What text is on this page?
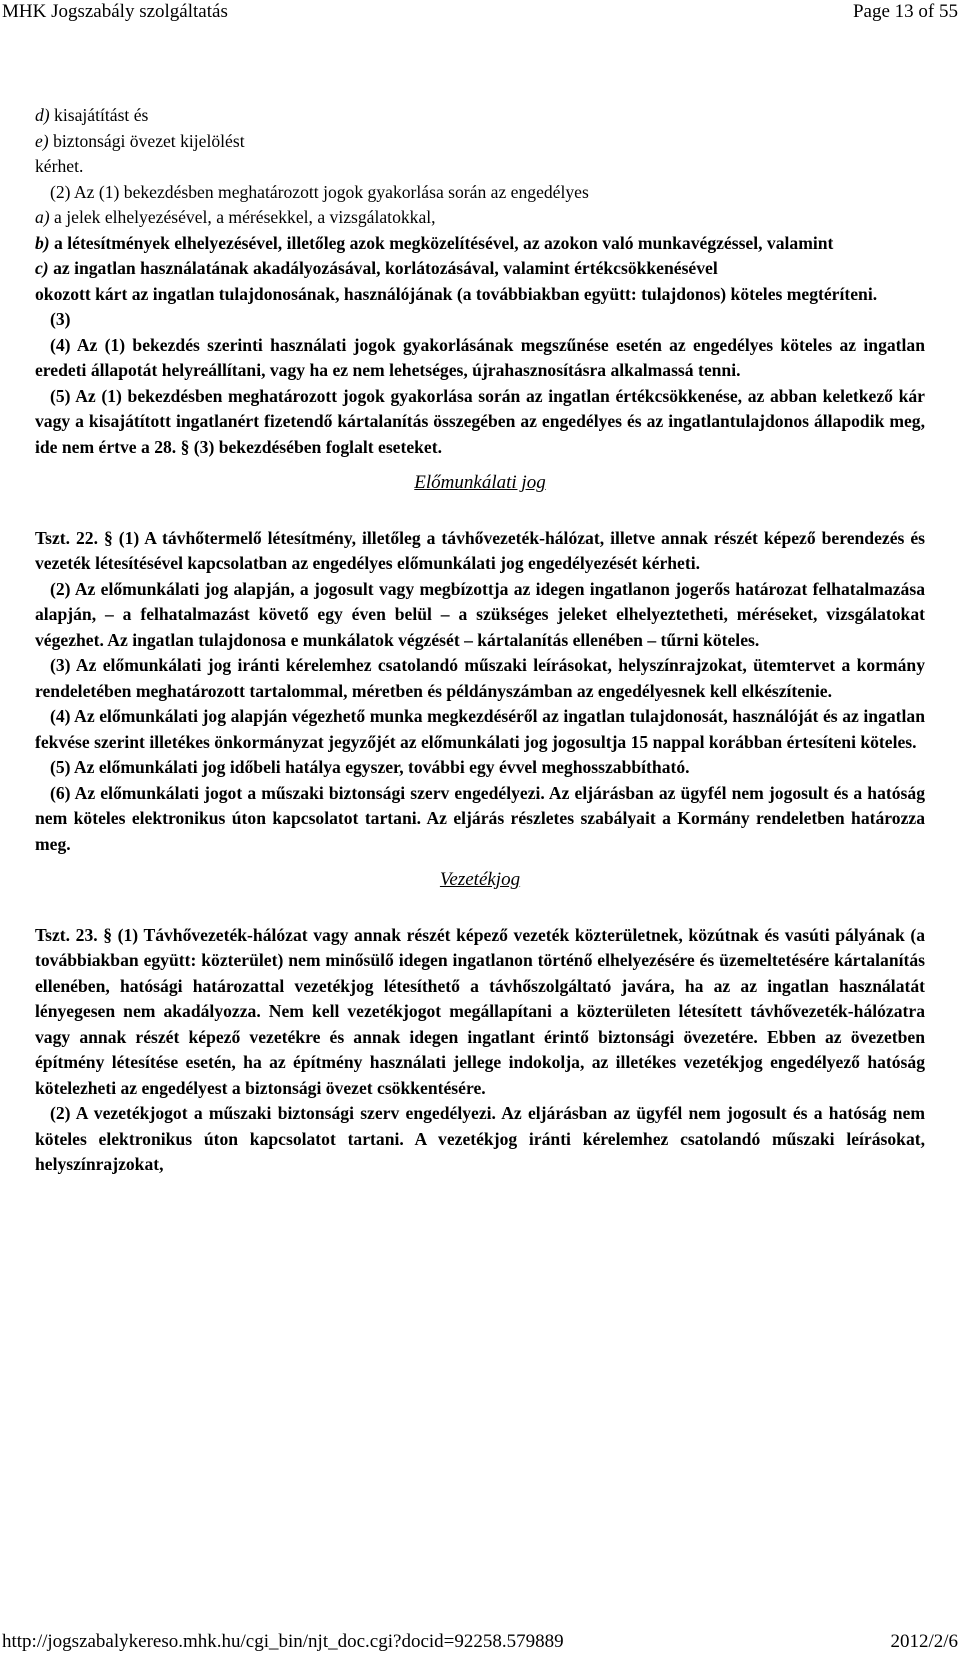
MHK Jogszabály szolgáltatás	Page 13 of 55

d) kisajátítást és

e) biztonsági övezet kijelölést

kérhet.

(2) Az (1) bekezdésben meghatározott jogok gyakorlása során az engedélyes

a) a jelek elhelyezésével, a mérésekkel, a vizsgálatokkal,

b) a létesítmények elhelyezésével, illetőleg azok megközelítésével, az azokon való munkavégzéssel, valamint

c) az ingatlan használatának akadályozásával, korlátozásával, valamint értékcsökkenésével

okozott kárt az ingatlan tulajdonosának, használójának (a továbbiakban együtt: tulajdonos) köteles megtéríteni.

(3)

(4) Az (1) bekezdés szerinti használati jogok gyakorlásának megszűnése esetén az engedélyes köteles az ingatlan eredeti állapotát helyreállítani, vagy ha ez nem lehetséges, újrahasznosításra alkalmassá tenni.

(5) Az (1) bekezdésben meghatározott jogok gyakorlása során az ingatlan értékcsökkenése, az abban keletkező kár vagy a kisajátított ingatlanért fizetendő kártalanítás összegében az engedélyes és az ingatlantulajdonos állapodik meg, ide nem értve a 28. § (3) bekezdésében foglalt eseteket.

Előmunkálati jog

Tszt. 22. § (1) A távhőtermelő létesítmény, illetőleg a távhővezeték-hálózat, illetve annak részét képező berendezés és vezeték létesítésével kapcsolatban az engedélyes előmunkálati jog engedélyezését kérheti.

(2) Az előmunkálati jog alapján, a jogosult vagy megbízottja az idegen ingatlanon jogerős határozat felhatalmazása alapján, – a felhatalmazást követő egy éven belül – a szükséges jeleket elhelyeztetheti, méréseket, vizsgálatokat végezhet. Az ingatlan tulajdonosa e munkálatok végzését – kártalanítás ellenében – tűrni köteles.

(3) Az előmunkálati jog iránti kérelemhez csatolandó műszaki leírásokat, helyszínrajzokat, ütemtervet a kormány rendeletében meghatározott tartalommal, méretben és példányszámban az engedélyesnek kell elkészítenie.

(4) Az előmunkálati jog alapján végezhető munka megkezdéséről az ingatlan tulajdonosát, használóját és az ingatlan fekvése szerint illetékes önkormányzat jegyzőjét az előmunkálati jog jogosultja 15 nappal korábban értesíteni köteles.

(5) Az előmunkálati jog időbeli hatálya egyszer, további egy évvel meghosszabbítható.

(6) Az előmunkálati jogot a műszaki biztonsági szerv engedélyezi. Az eljárásban az ügyfél nem jogosult és a hatóság nem köteles elektronikus úton kapcsolatot tartani. Az eljárás részletes szabályait a Kormány rendeletben határozza meg.

Vezetékjog

Tszt. 23. § (1) Távhővezeték-hálózat vagy annak részét képező vezeték közterületnek, közútnak és vasúti pályának (a továbbiakban együtt: közterület) nem minősülő idegen ingatlanon történő elhelyezésére és üzemeltetésére kártalanítás ellenében, hatósági határozattal vezetékjog létesíthető a távhőszolgáltató javára, ha az az ingatlan használatát lényegesen nem akadályozza. Nem kell vezetékjogot megállapítani a közterületen létesített távhővezeték-hálózatra vagy annak részét képező vezetékre és annak idegen ingatlant érintő biztonsági övezetére. Ebben az övezetben építmény létesítése esetén, ha az építmény használati jellege indokolja, az illetékes vezetékjog engedélyező hatóság kötelezheti az engedélyest a biztonsági övezet csökkentésére.

(2) A vezetékjogot a műszaki biztonsági szerv engedélyezi. Az eljárásban az ügyfél nem jogosult és a hatóság nem köteles elektronikus úton kapcsolatot tartani. A vezetékjog iránti kérelemhez csatolandó műszaki leírásokat, helyszínrajzokat,

http://jogszabalykereso.mhk.hu/cgi_bin/njt_doc.cgi?docid=92258.579889	2012/2/6
